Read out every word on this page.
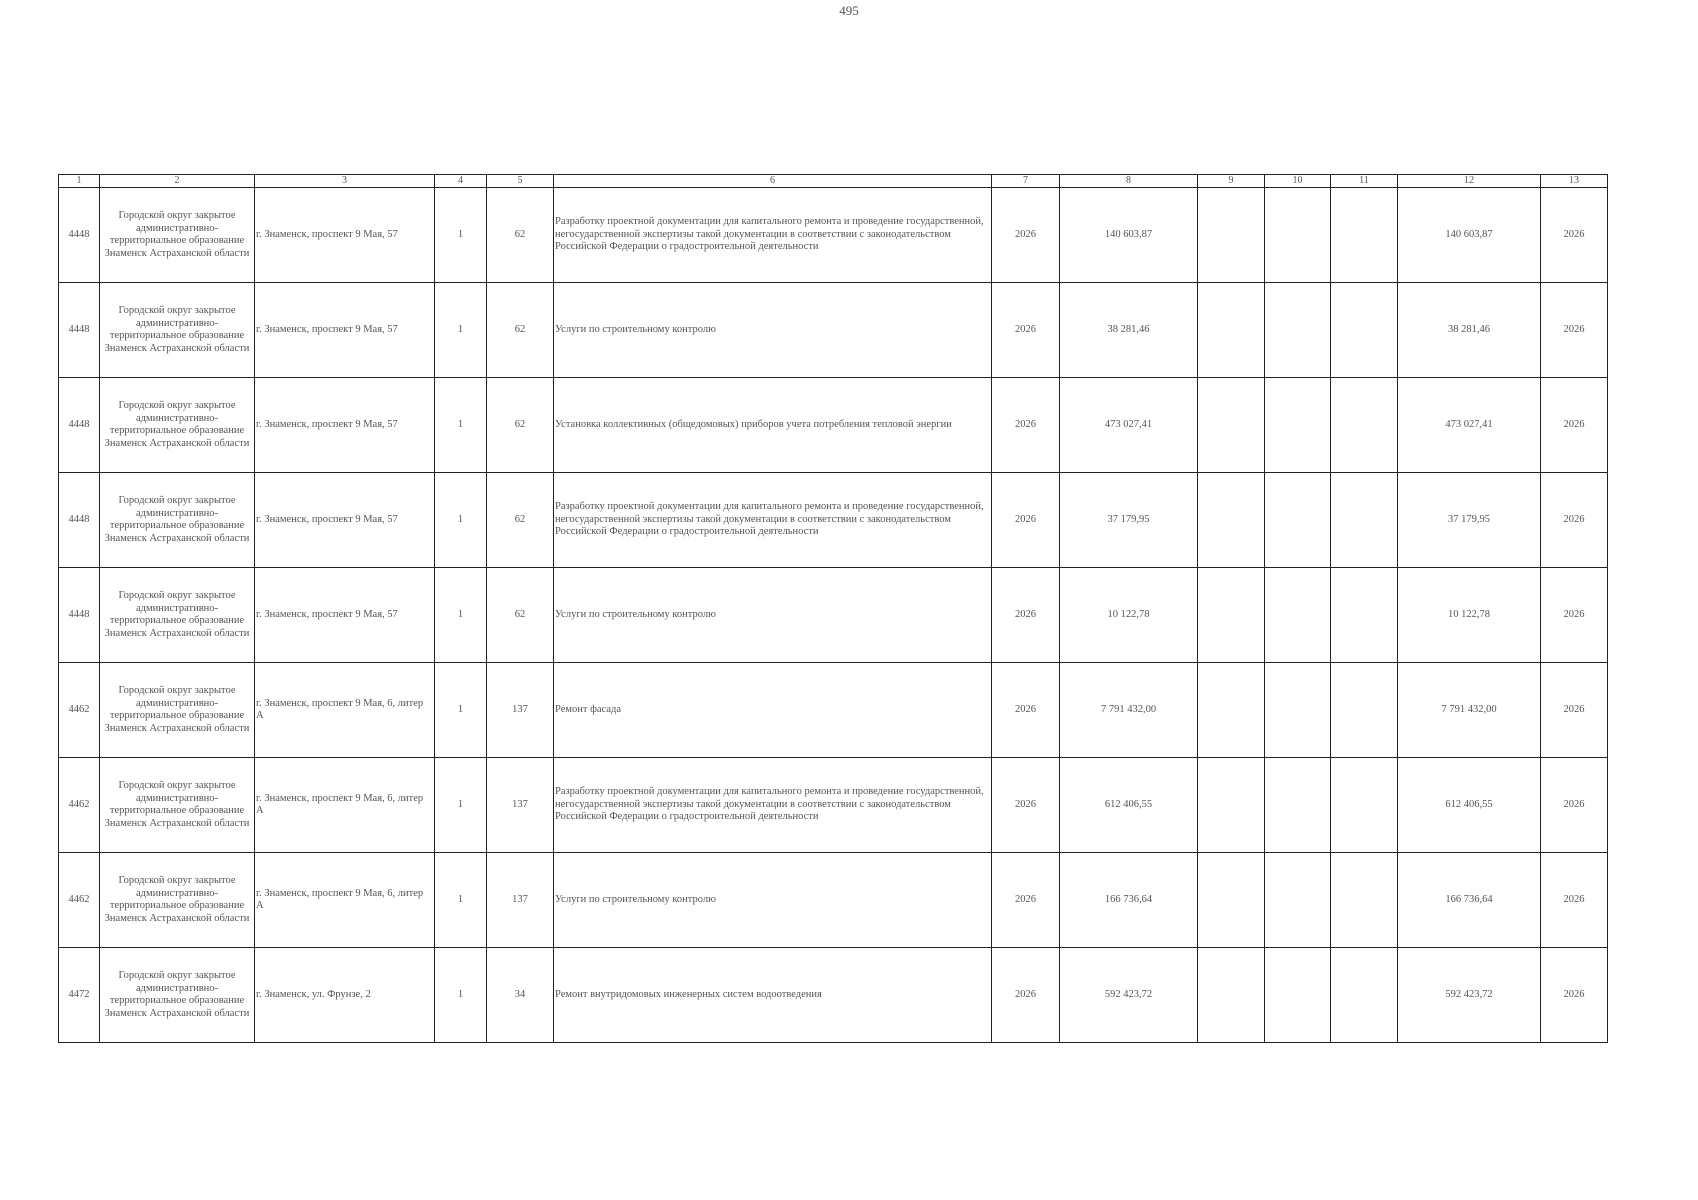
495
1	2	3	4	5	6	7	8	9	10	11	12	13
4448	Городской округ закрытое административно-территориальное образование Знаменск Астраханской области	г. Знаменск, проспект 9 Мая, 57	1	62	Разработку проектной документации для капитального ремонта и проведение государственной, негосударственной экспертизы такой документации в соответствии с законодательством Российской Федерации о градостроительной деятельности	2026	140 603,87				140 603,87	2026
4448	Городской округ закрытое административно-территориальное образование Знаменск Астраханской области	г. Знаменск, проспект 9 Мая, 57	1	62	Услуги по строительному контролю	2026	38 281,46				38 281,46	2026
4448	Городской округ закрытое административно-территориальное образование Знаменск Астраханской области	г. Знаменск, проспект 9 Мая, 57	1	62	Установка коллективных (общедомовых) приборов учета потребления тепловой энергии	2026	473 027,41				473 027,41	2026
4448	Городской округ закрытое административно-территориальное образование Знаменск Астраханской области	г. Знаменск, проспект 9 Мая, 57	1	62	Разработку проектной документации для капитального ремонта и проведение государственной, негосударственной экспертизы такой документации в соответствии с законодательством Российской Федерации о градостроительной деятельности	2026	37 179,95				37 179,95	2026
4448	Городской округ закрытое административно-территориальное образование Знаменск Астраханской области	г. Знаменск, проспект 9 Мая, 57	1	62	Услуги по строительному контролю	2026	10 122,78				10 122,78	2026
4462	Городской округ закрытое административно-территориальное образование Знаменск Астраханской области	г. Знаменск, проспект 9 Мая, 6, литер А	1	137	Ремонт фасада	2026	7 791 432,00				7 791 432,00	2026
4462	Городской округ закрытое административно-территориальное образование Знаменск Астраханской области	г. Знаменск, проспект 9 Мая, 6, литер А	1	137	Разработку проектной документации для капитального ремонта и проведение государственной, негосударственной экспертизы такой документации в соответствии с законодательством Российской Федерации о градостроительной деятельности	2026	612 406,55				612 406,55	2026
4462	Городской округ закрытое административно-территориальное образование Знаменск Астраханской области	г. Знаменск, проспект 9 Мая, 6, литер А	1	137	Услуги по строительному контролю	2026	166 736,64				166 736,64	2026
4472	Городской округ закрытое административно-территориальное образование Знаменск Астраханской области	г. Знаменск, ул. Фрунзе, 2	1	34	Ремонт внутридомовых инженерных систем водоотведения	2026	592 423,72				592 423,72	2026
